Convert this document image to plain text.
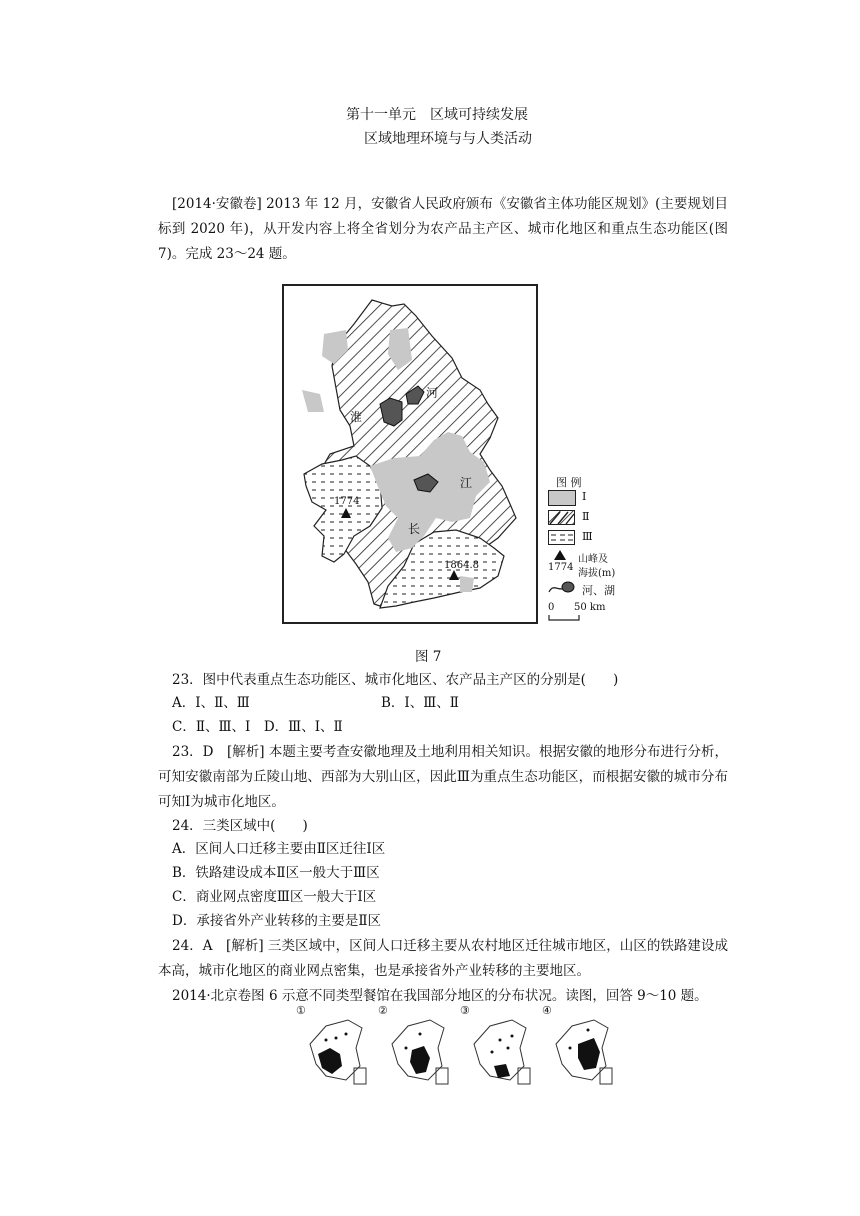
第十一单元　区域可持续发展
区域地理环境与与人类活动
[2014·安徽卷] 2013 年 12 月，安徽省人民政府颁布《安徽省主体功能区规划》(主要规划目标到 2020 年)，从开发内容上将全省划分为农产品主产区、城市化地区和重点生态功能区(图 7)。完成 23～24 题。
淮
河
江
长
1774
1864.8
图 例
Ⅰ
Ⅱ
Ⅲ
1774
山峰及
海拔(m)
河、湖
0 50 km
图 7
23．图中代表重点生态功能区、城市化地区、农产品主产区的分别是(　　)
A．Ⅰ、Ⅱ、Ⅲ	B．Ⅰ、Ⅲ、Ⅱ
C．Ⅱ、Ⅲ、Ⅰ　D．Ⅲ、Ⅰ、Ⅱ
23．D　[解析] 本题主要考查安徽地理及土地利用相关知识。根据安徽的地形分布进行分析，可知安徽南部为丘陵山地、西部为大别山区，因此Ⅲ为重点生态功能区，而根据安徽的城市分布可知Ⅰ为城市化地区。
24．三类区域中(　　)
A．区间人口迁移主要由Ⅱ区迁往Ⅰ区
B．铁路建设成本Ⅱ区一般大于Ⅲ区
C．商业网点密度Ⅲ区一般大于Ⅰ区
D．承接省外产业转移的主要是Ⅱ区
24．A　[解析] 三类区域中，区间人口迁移主要从农村地区迁往城市地区，山区的铁路建设成本高，城市化地区的商业网点密集，也是承接省外产业转移的主要地区。
2014·北京卷图 6 示意不同类型餐馆在我国部分地区的分布状况。读图，回答 9～10 题。
①	②	③	④
